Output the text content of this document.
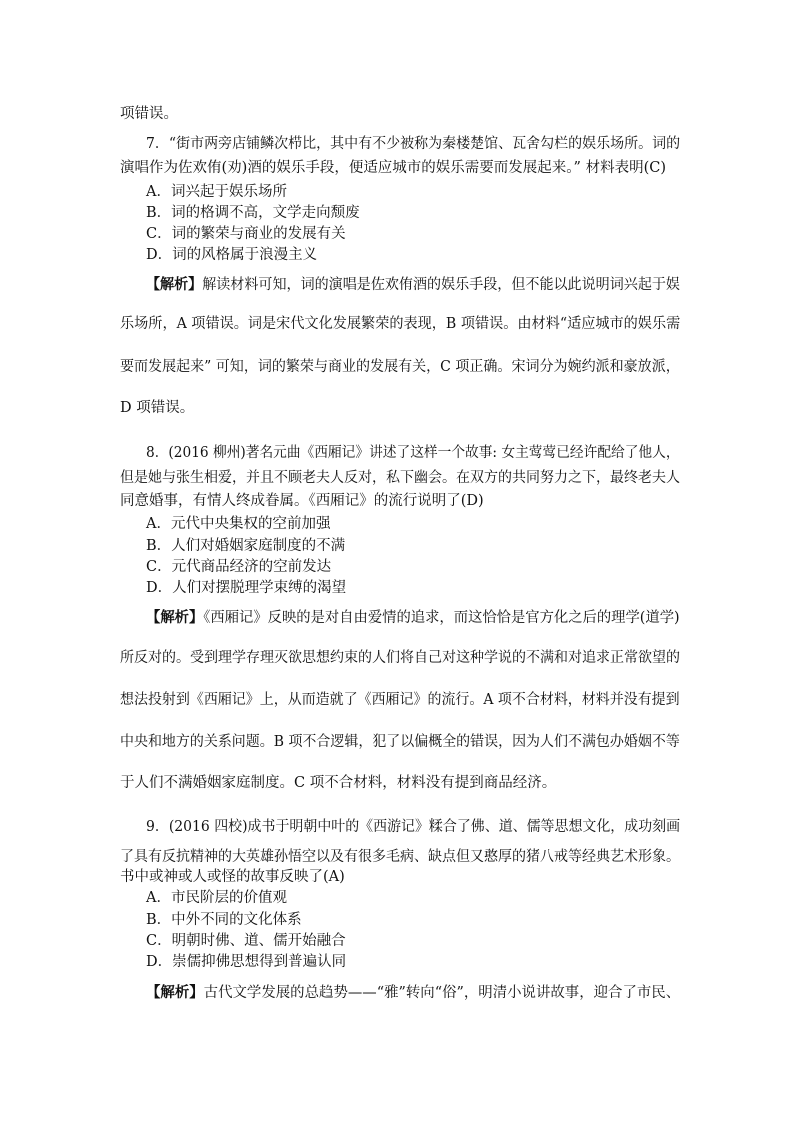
项错误。
7．“街市两旁店铺鳞次栉比，其中有不少被称为秦楼楚馆、瓦舍勾栏的娱乐场所。词的
演唱作为佐欢侑(劝)酒的娱乐手段，便适应城市的娱乐需要而发展起来。” 材料表明(C)
A．词兴起于娱乐场所
B．词的格调不高，文学走向颓废
C．词的繁荣与商业的发展有关
D．词的风格属于浪漫主义
【解析】解读材料可知，词的演唱是佐欢侑酒的娱乐手段，但不能以此说明词兴起于娱
乐场所，A 项错误。词是宋代文化发展繁荣的表现，B 项错误。由材料“适应城市的娱乐需
要而发展起来” 可知，词的繁荣与商业的发展有关，C 项正确。宋词分为婉约派和豪放派，
D 项错误。
8．(2016 柳州)著名元曲《西厢记》讲述了这样一个故事: 女主莺莺已经许配给了他人，
但是她与张生相爱，并且不顾老夫人反对，私下幽会。在双方的共同努力之下，最终老夫人
同意婚事，有情人终成眷属。《西厢记》的流行说明了(D)
A．元代中央集权的空前加强
B．人们对婚姻家庭制度的不满
C．元代商品经济的空前发达
D．人们对摆脱理学束缚的渴望
【解析】《西厢记》反映的是对自由爱情的追求，而这恰恰是官方化之后的理学(道学)
所反对的。受到理学存理灭欲思想约束的人们将自己对这种学说的不满和对追求正常欲望的
想法投射到《西厢记》上，从而造就了《西厢记》的流行。A 项不合材料，材料并没有提到
中央和地方的关系问题。B 项不合逻辑，犯了以偏概全的错误，因为人们不满包办婚姻不等
于人们不满婚姻家庭制度。C 项不合材料，材料没有提到商品经济。
9．(2016 四校)成书于明朝中叶的《西游记》糅合了佛、道、儒等思想文化，成功刻画
了具有反抗精神的大英雄孙悟空以及有很多毛病、缺点但又憨厚的猪八戒等经典艺术形象。
书中或神或人或怪的故事反映了(A)
A．市民阶层的价值观
B．中外不同的文化体系
C．明朝时佛、道、儒开始融合
D．崇儒抑佛思想得到普遍认同
【解析】古代文学发展的总趋势——“雅”转向“俗”，明清小说讲故事，迎合了市民、
